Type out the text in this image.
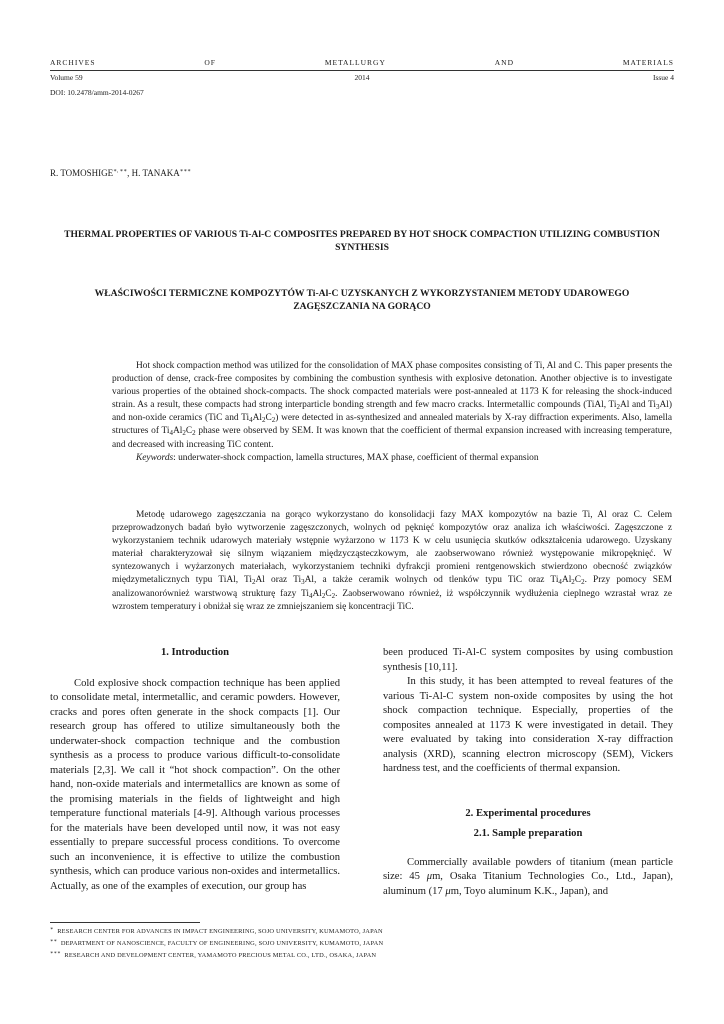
ARCHIVES	OF	METALLURGY	AND	MATERIALS
Volume 59	2014	Issue 4
DOI: 10.2478/amm-2014-0267
R. TOMOSHIGE∗, ∗∗, H. TANAKA∗∗∗
THERMAL PROPERTIES OF VARIOUS Ti-Al-C COMPOSITES PREPARED BY HOT SHOCK COMPACTION UTILIZING COMBUSTION SYNTHESIS
WŁAŚCIWOŚCI TERMICZNE KOMPOZYTÓW Ti-Al-C UZYSKANYCH Z WYKORZYSTANIEM METODY UDAROWEGO ZAGĘSZCZANIA NA GORĄCO

Hot shock compaction method was utilized for the consolidation of MAX phase composites consisting of Ti, Al and C. This paper presents the production of dense, crack-free composites by combining the combustion synthesis with explosive detonation. Another objective is to investigate various properties of the obtained shock-compacts. The shock compacted materials were post-annealed at 1173 K for releasing the shock-induced strain. As a result, these compacts had strong interparticle bonding strength and few macro cracks. Intermetallic compounds (TiAl, $Ti_2Al$ and $Ti_3Al$) and non-oxide ceramics (TiC and $Ti_4Al_2C_2$) were detected in as-synthesized and annealed materials by X-ray diffraction experiments. Also, lamella structures of $Ti_4Al_2C_2$ phase were observed by SEM. It was known that the coefficient of thermal expansion increased with increasing temperature, and decreased with increasing TiC content.

Keywords: underwater-shock compaction, lamella structures, MAX phase, coefficient of thermal expansion

Metodę udarowego zagęszczania na gorąco wykorzystano do konsolidacji fazy MAX kompozytów na bazie Ti, Al oraz C. Celem przeprowadzonych badań było wytworzenie zagęszczonych, wolnych od pęknięć kompozytów oraz analiza ich właściwości. Zagęszczone z wykorzystaniem technik udarowych materiały wstępnie wyżarzono w 1173 K w celu usunięcia skutków odkształcenia udarowego. Uzyskany materiał charakteryzował się silnym wiązaniem międzycząsteczkowym, ale zaobserwowano również występowanie mikropęknięć. W syntezowanych i wyżarzonych materiałach, wykorzystaniem techniki dyfrakcji promieni rentgenowskich stwierdzono obecność związków międzymetalicznych typu TiAl, $Ti_2Al$ oraz $Ti_3Al$, a także ceramik wolnych od tlenków typu TiC oraz $Ti_4Al_2C_2$. Przy pomocy SEM analizowanorównież warstwową strukturę fazy $Ti_4Al_2C_2$. Zaobserwowano również, iż współczynnik wydłużenia cieplnego wzrastał wraz ze wzrostem temperatury i obniżał się wraz ze zmniejszaniem się koncentracji TiC.

1. Introduction

Cold explosive shock compaction technique has been applied to consolidate metal, intermetallic, and ceramic powders. However, cracks and pores often generate in the shock compacts [1]. Our research group has offered to utilize simultaneously both the underwater-shock compaction technique and the combustion synthesis as a process to produce various difficult-to-consolidate materials [2,3]. We call it “hot shock compaction”. On the other hand, non-oxide materials and intermetallics are known as some of the promising materials in the fields of lightweight and high temperature functional materials [4-9]. Although various processes for the materials have been developed until now, it was not easy essentially to prepare successful process conditions. To overcome such an inconvenience, it is effective to utilize the combustion synthesis, which can produce various non-oxides and intermetallics. Actually, as one of the examples of execution, our group has

been produced Ti-Al-C system composites by using combustion synthesis [10,11].

In this study, it has been attempted to reveal features of the various Ti-Al-C system non-oxide composites by using the hot shock compaction technique. Especially, properties of the composites annealed at 1173 K were investigated in detail. They were evaluated by taking into consideration X-ray diffraction analysis (XRD), scanning electron microscopy (SEM), Vickers hardness test, and the coefficients of thermal expansion.

2. Experimental procedures

2.1. Sample preparation

Commercially available powders of titanium (mean particle size: 45 μm, Osaka Titanium Technologies Co., Ltd., Japan), aluminum (17 μm, Toyo aluminum K.K., Japan), and

∗ RESEARCH CENTER FOR ADVANCES IN IMPACT ENGINEERING, SOJO UNIVERSITY, KUMAMOTO, JAPAN
∗∗ DEPARTMENT OF NANOSCIENCE, FACULTY OF ENGINEERING, SOJO UNIVERSITY, KUMAMOTO, JAPAN
∗∗∗ RESEARCH AND DEVELOPMENT CENTER, YAMAMOTO PRECIOUS METAL CO., LTD., OSAKA, JAPAN
